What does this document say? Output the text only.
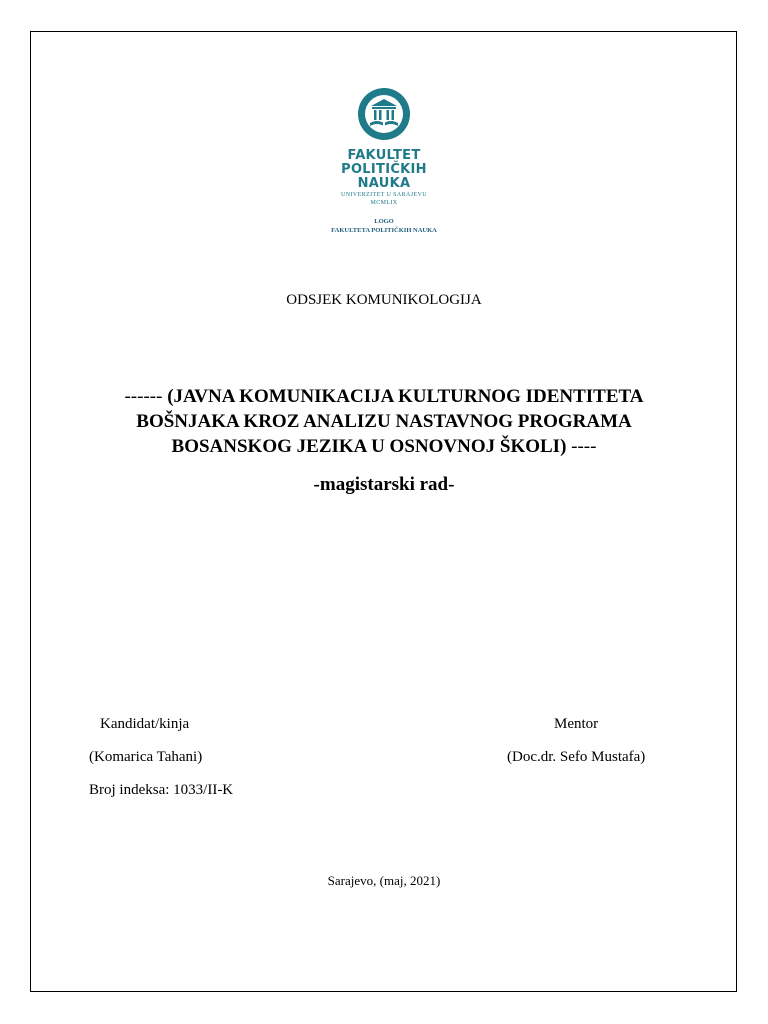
FAKULTET
POLITIČKIH
NAUKA
UNIVERZITET U SARAJEVU
MCMLIX
LOGO
FAKULTETA POLITIČKIH NAUKA
ODSJEK KOMUNIKOLOGIJA
------ (JAVNA KOMUNIKACIJA KULTURNOG IDENTITETA
BOŠNJAKA KROZ ANALIZU NASTAVNOG PROGRAMA
BOSANSKOG JEZIKA U OSNOVNOJ ŠKOLI) ----
-magistarski rad-
Kandidat/kinja
(Komarica Tahani)
Broj indeksa: 1033/II-K
Mentor
(Doc.dr. Sefo Mustafa)
Sarajevo, (maj, 2021)
